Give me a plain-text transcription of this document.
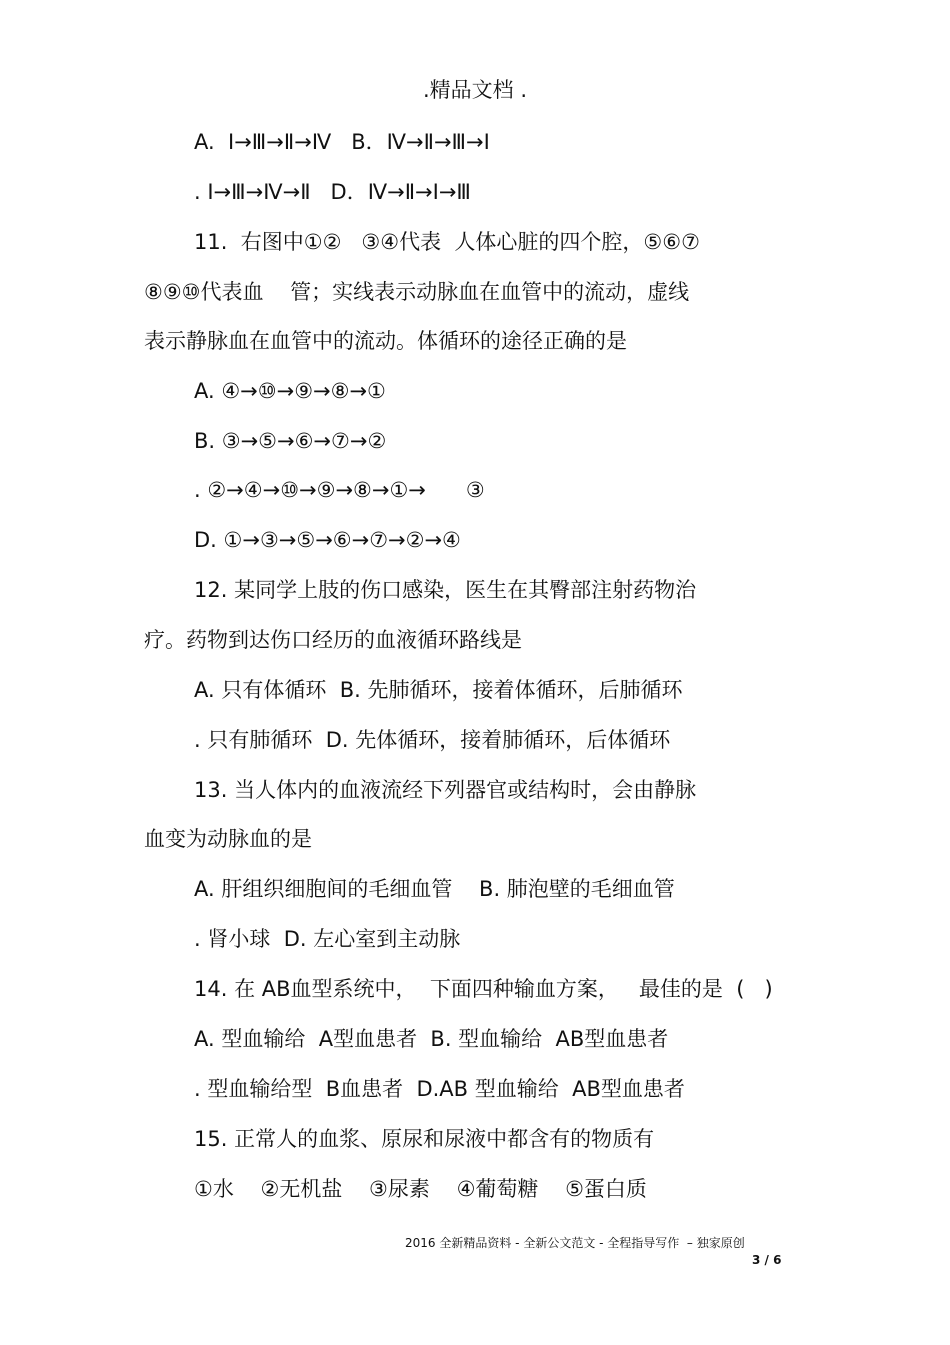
.精品文档 .
A.  Ⅰ→Ⅲ→Ⅱ→Ⅳ   B．Ⅳ→Ⅱ→Ⅲ→Ⅰ
. Ⅰ→Ⅲ→Ⅳ→Ⅱ   D．Ⅳ→Ⅱ→Ⅰ→Ⅲ
11.  右图中①②   ③④代表  人体心脏的四个腔，⑤⑥⑦
⑧⑨⑩代表血    管；实线表示动脉血在血管中的流动，虚线
表示静脉血在血管中的流动。体循环的途径正确的是
A. ④→⑩→⑨→⑧→①
B. ③→⑤→⑥→⑦→②
. ②→④→⑩→⑨→⑧→①→      ③
D. ①→③→⑤→⑥→⑦→②→④
12. 某同学上肢的伤口感染，医生在其臀部注射药物治
疗。药物到达伤口经历的血液循环路线是
A. 只有体循环  B. 先肺循环，接着体循环，后肺循环
. 只有肺循环  D. 先体循环，接着肺循环，后体循环
13. 当人体内的血液流经下列器官或结构时，会由静脉
血变为动脉血的是
A. 肝组织细胞间的毛细血管    B. 肺泡壁的毛细血管
. 肾小球  D. 左心室到主动脉
14. 在 AB血型系统中，  下面四种输血方案，   最佳的是  (   )
A. 型血输给  A型血患者  B. 型血输给  AB型血患者
. 型血输给型  B血患者  D.AB 型血输给  AB型血患者
15. 正常人的血浆、原尿和尿液中都含有的物质有
①水    ②无机盐    ③尿素    ④葡萄糖    ⑤蛋白质
2016 全新精品资料 - 全新公文范文 - 全程指导写作  – 独家原创
3 / 6
